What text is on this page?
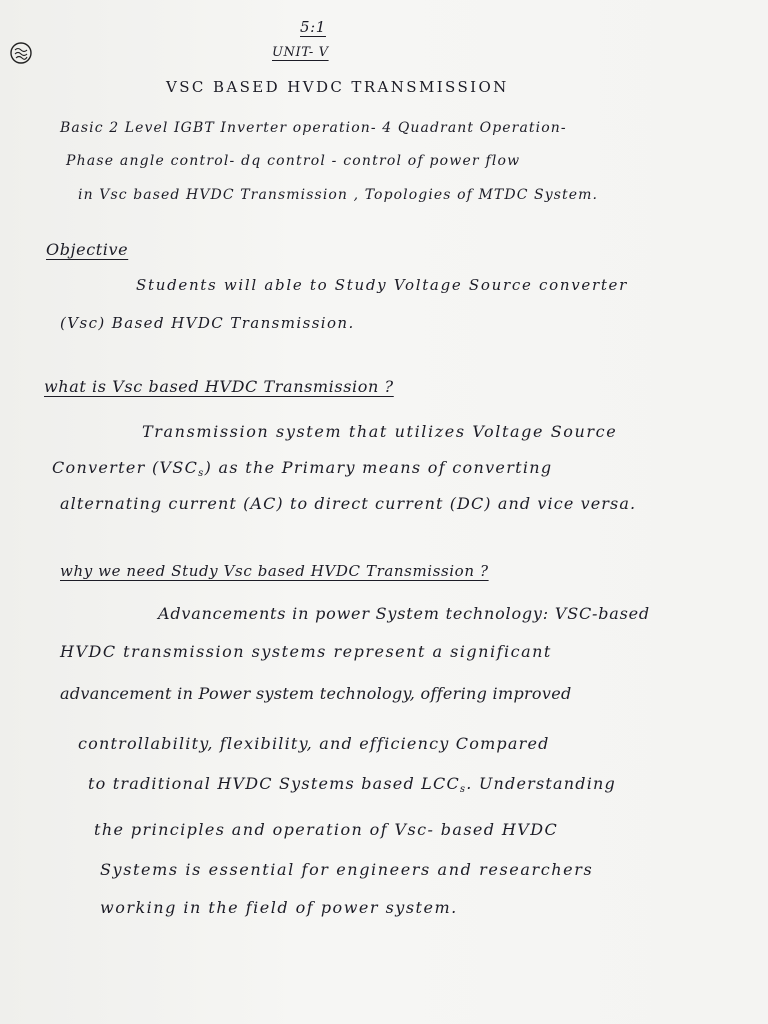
5:1
UNIT- V
VSC BASED HVDC TRANSMISSION
Basic 2 Level IGBT Inverter operation- 4 Quadrant Operation-
Phase angle control- dq control - control of power flow
in Vsc based HVDC Transmission , Topologies of MTDC System.
Objective
Students will able to Study Voltage Source converter
(Vsc) Based HVDC Transmission.
what is Vsc based HVDC Transmission ?
Transmission system that utilizes Voltage Source
Converter $(VSC_s)$ as the Primary means of converting
alternating current (AC) to direct current (DC) and vice versa.
why we need Study Vsc based HVDC Transmission ?
Advancements in power System technology: VSC-based
HVDC transmission systems represent a significant
advancement in Power system technology, offering improved
controllability, flexibility, and efficiency Compared
to traditional HVDC Systems based $LCC_s$. Understanding
the principles and operation of Vsc- based HVDC
Systems is essential for engineers and researchers
working in the field of power system.
